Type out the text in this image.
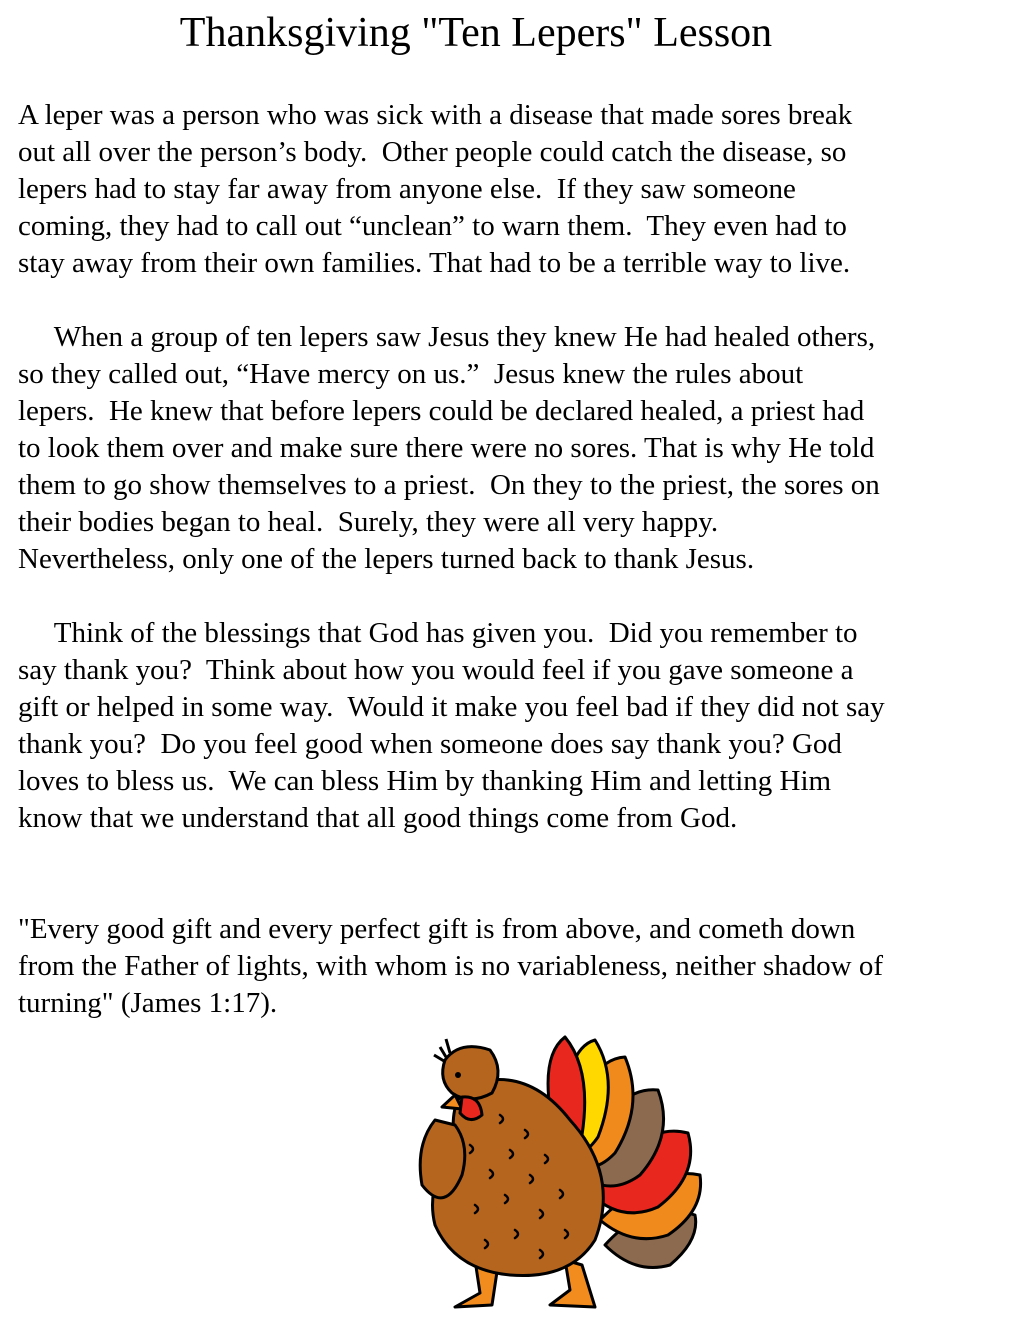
Thanksgiving "Ten Lepers" Lesson

A leper was a person who was sick with a disease that made sores break
out all over the person’s body.  Other people could catch the disease, so
lepers had to stay far away from anyone else.  If they saw someone
coming, they had to call out “unclean” to warn them.  They even had to
stay away from their own families. That had to be a terrible way to live.

When a group of ten lepers saw Jesus they knew He had healed others,
so they called out, “Have mercy on us.”  Jesus knew the rules about
lepers.  He knew that before lepers could be declared healed, a priest had
to look them over and make sure there were no sores. That is why He told
them to go show themselves to a priest.  On they to the priest, the sores on
their bodies began to heal.  Surely, they were all very happy.
Nevertheless, only one of the lepers turned back to thank Jesus.

Think of the blessings that God has given you.  Did you remember to
say thank you?  Think about how you would feel if you gave someone a
gift or helped in some way.  Would it make you feel bad if they did not say
thank you?  Do you feel good when someone does say thank you? God
loves to bless us.  We can bless Him by thanking Him and letting Him
know that we understand that all good things come from God.

"Every good gift and every perfect gift is from above, and cometh down
from the Father of lights, with whom is no variableness, neither shadow of
turning" (James 1:17).
